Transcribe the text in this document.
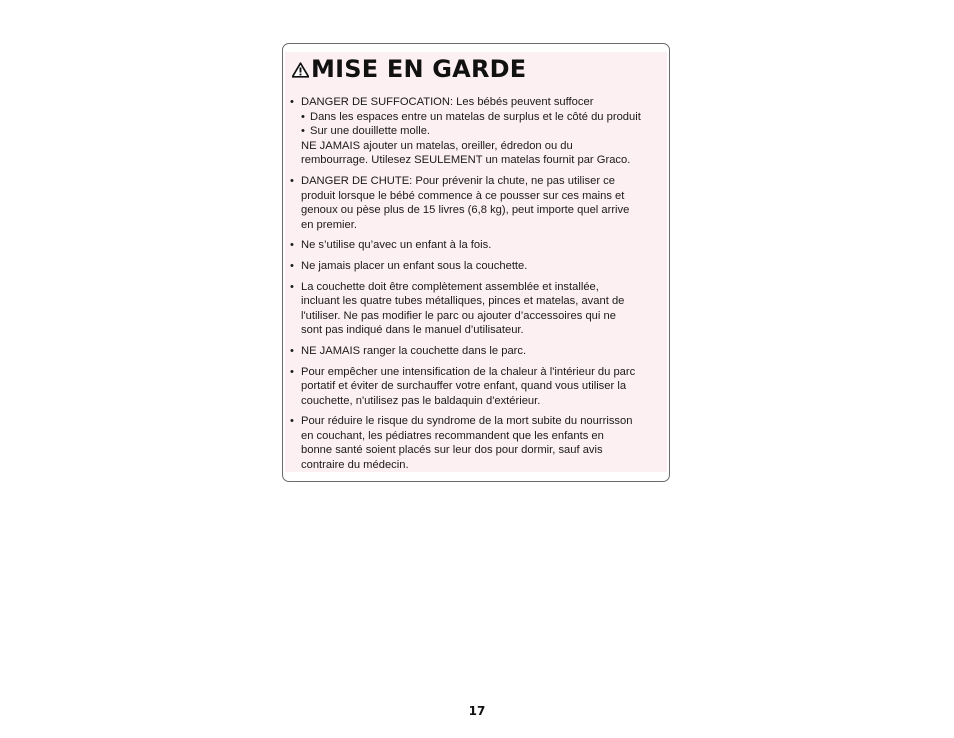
MISE EN GARDE
• DANGER DE SUFFOCATION: Les bébés peuvent suffocer
• Dans les espaces entre un matelas de surplus et le côté du produit
• Sur une douillette molle.
NE JAMAIS ajouter un matelas, oreiller, édredon ou du
rembourrage. Utilesez SEULEMENT un matelas fournit par Graco.
• DANGER DE CHUTE: Pour prévenir la chute, ne pas utiliser ce
produit lorsque le bébé commence à ce pousser sur ces mains et
genoux ou pèse plus de 15 livres (6,8 kg), peut importe quel arrive
en premier.
• Ne s’utilise qu’avec un enfant à la fois.
• Ne jamais placer un enfant sous la couchette.
• La couchette doit être complètement assemblée et installée,
incluant les quatre tubes métalliques, pinces et matelas, avant de
l'utiliser. Ne pas modifier le parc ou ajouter d’accessoires qui ne
sont pas indiqué dans le manuel d’utilisateur.
• NE JAMAIS ranger la couchette dans le parc.
• Pour empêcher une intensification de la chaleur à l'intérieur du parc
portatif et éviter de surchauffer votre enfant, quand vous utiliser la
couchette, n'utilisez pas le baldaquin d'extérieur.
• Pour réduire le risque du syndrome de la mort subite du nourrisson
en couchant, les pédiatres recommandent que les enfants en
bonne santé soient placés sur leur dos pour dormir, sauf avis
contraire du médecin.
17
